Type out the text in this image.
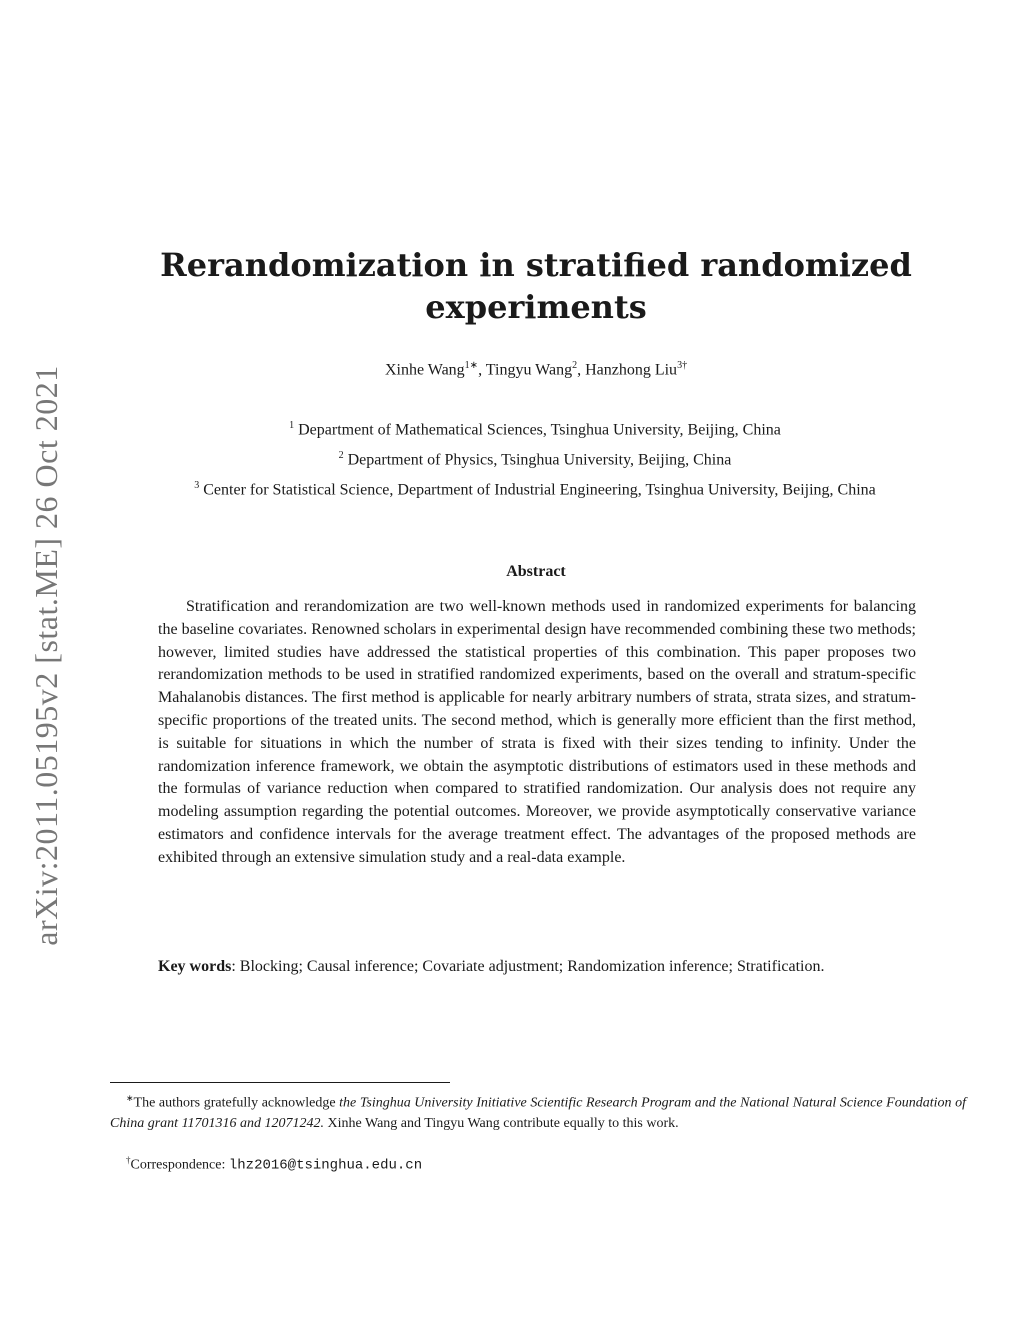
arXiv:2011.05195v2 [stat.ME] 26 Oct 2021
Rerandomization in stratified randomized experiments
Xinhe Wang$^{1∗}$, Tingyu Wang$^2$, Hanzhong Liu$^{3\dagger}$
$^1$ Department of Mathematical Sciences, Tsinghua University, Beijing, China
$^2$ Department of Physics, Tsinghua University, Beijing, China
$^3$ Center for Statistical Science, Department of Industrial Engineering, Tsinghua University, Beijing, China
Abstract

Stratification and rerandomization are two well-known methods used in randomized experiments for balancing the baseline covariates. Renowned scholars in experimental design have recommended combining these two methods; however, limited studies have addressed the statistical properties of this combination. This paper proposes two rerandomization methods to be used in stratified randomized experiments, based on the overall and stratum-specific Mahalanobis distances. The first method is applicable for nearly arbitrary numbers of strata, strata sizes, and stratum-specific proportions of the treated units. The second method, which is generally more efficient than the first method, is suitable for situations in which the number of strata is fixed with their sizes tending to infinity. Under the randomization inference framework, we obtain the asymptotic distributions of estimators used in these methods and the formulas of variance reduction when compared to stratified randomization. Our analysis does not require any modeling assumption regarding the potential outcomes. Moreover, we provide asymptotically conservative variance estimators and confidence intervals for the average treatment effect. The advantages of the proposed methods are exhibited through an extensive simulation study and a real-data example.

Key words: Blocking; Causal inference; Covariate adjustment; Randomization inference; Stratification.

∗The authors gratefully acknowledge the Tsinghua University Initiative Scientific Research Program and the National Natural Science Foundation of China grant 11701316 and 12071242. Xinhe Wang and Tingyu Wang contribute equally to this work.

†Correspondence: lhz2016@tsinghua.edu.cn
